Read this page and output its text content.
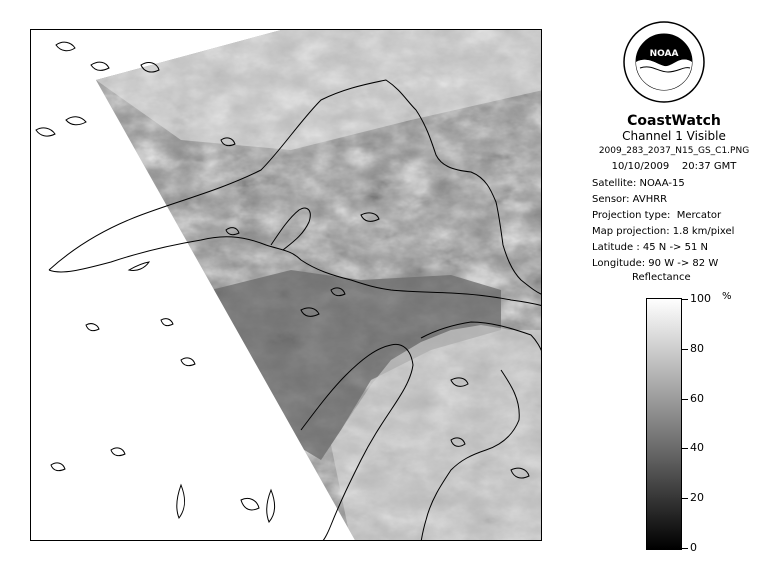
NOAA
CoastWatch
Channel 1 Visible
2009_283_2037_N15_GS_C1.PNG
10/10/2009    20:37 GMT
Satellite: NOAA-15
Sensor: AVHRR
Projection type:  Mercator
Map projection: 1.8 km/pixel
Latitude : 45 N -> 51 N
Longitude: 90 W -> 82 W
Reflectance
%
100
80
60
40
20
0
